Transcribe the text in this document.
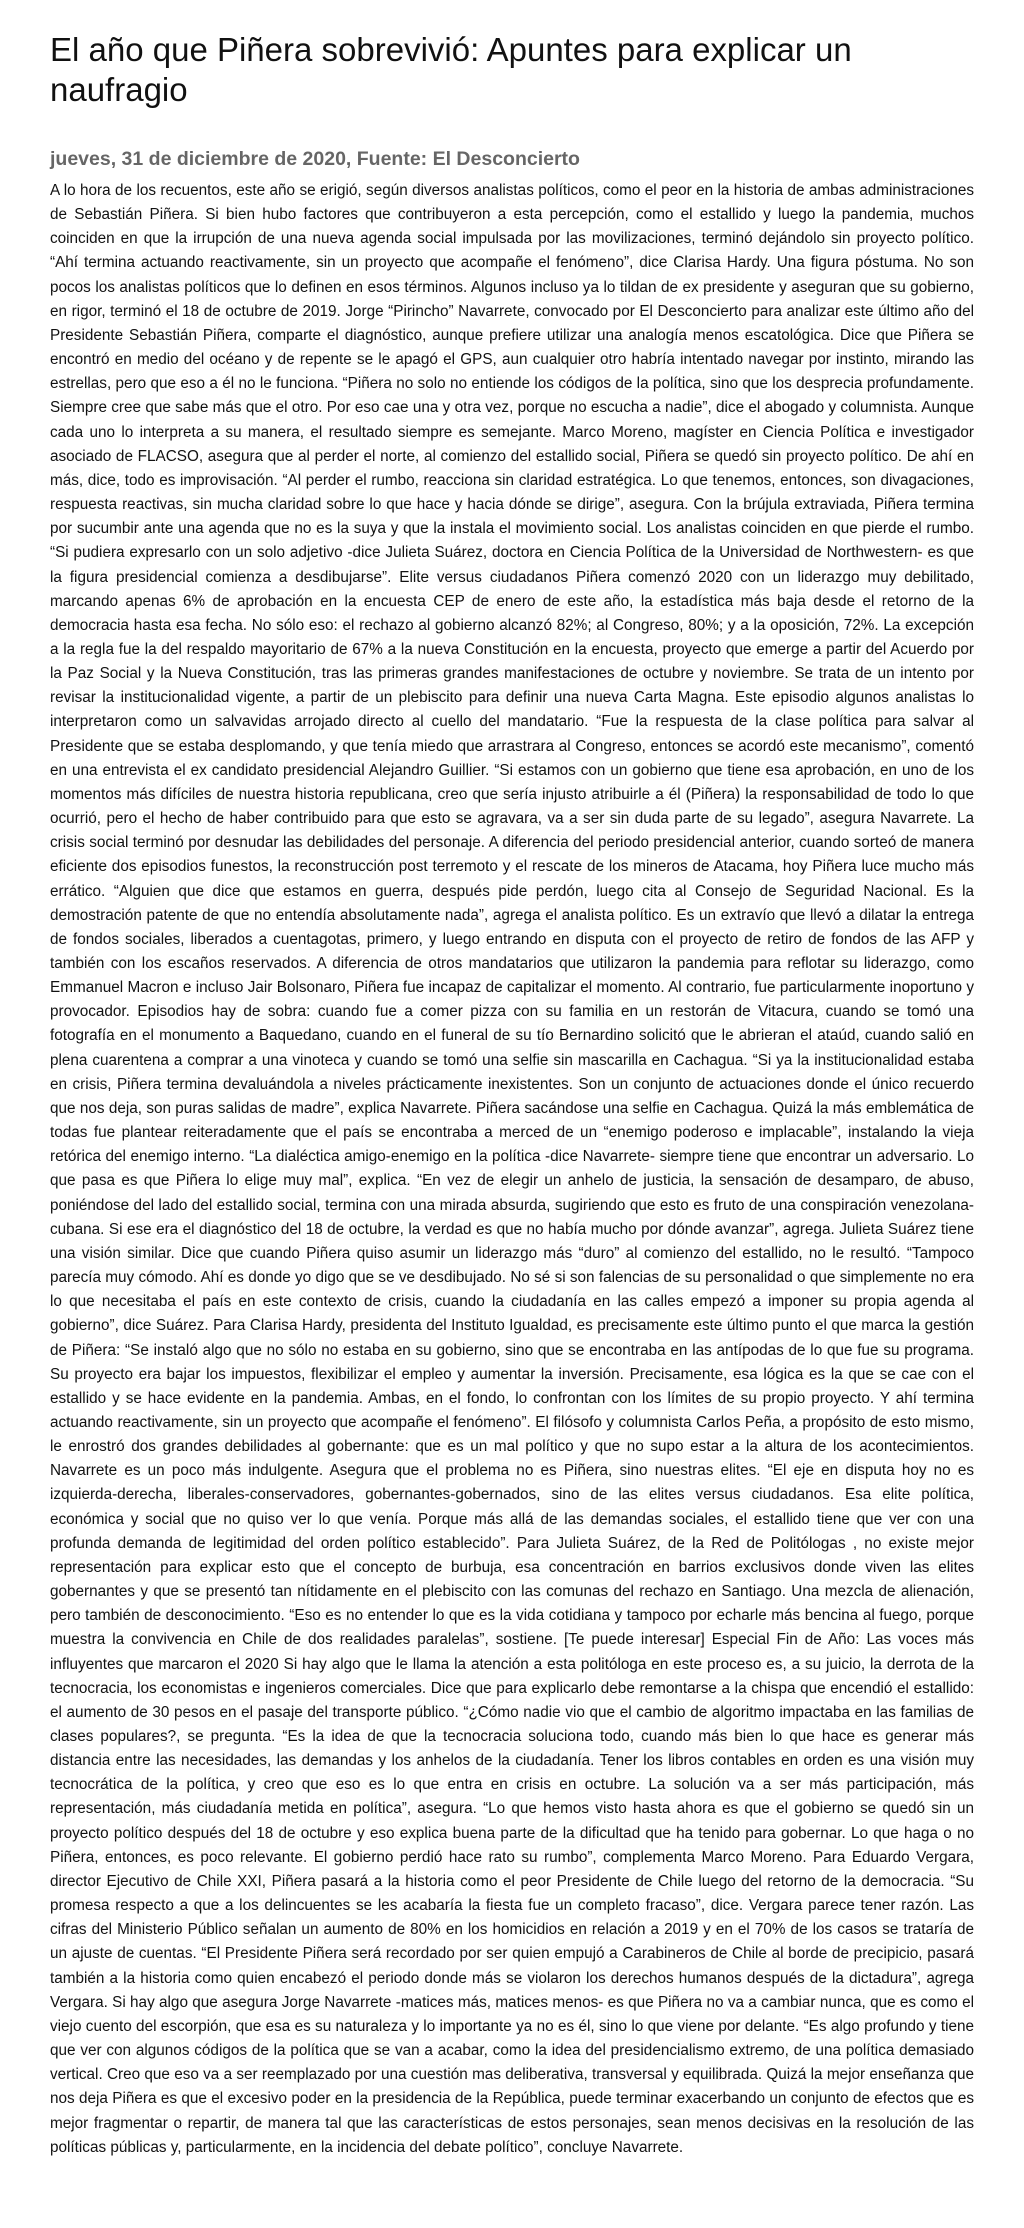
El año que Piñera sobrevivió: Apuntes para explicar un naufragio
jueves, 31 de diciembre de 2020, Fuente: El Desconcierto

A lo hora de los recuentos, este año se erigió, según diversos analistas políticos, como el peor en la historia de ambas administraciones de Sebastián Piñera. Si bien hubo factores que contribuyeron a esta percepción, como el estallido y luego la pandemia, muchos coinciden en que la irrupción de una nueva agenda social impulsada por las movilizaciones, terminó dejándolo sin proyecto político. “Ahí termina actuando reactivamente, sin un proyecto que acompañe el fenómeno”, dice Clarisa Hardy. Una figura póstuma. No son pocos los analistas políticos que lo definen en esos términos. Algunos incluso ya lo tildan de ex presidente y aseguran que su gobierno, en rigor, terminó el 18 de octubre de 2019. Jorge “Pirincho” Navarrete, convocado por El Desconcierto para analizar este último año del Presidente Sebastián Piñera, comparte el diagnóstico, aunque prefiere utilizar una analogía menos escatológica. Dice que Piñera se encontró en medio del océano y de repente se le apagó el GPS, aun cualquier otro habría intentado navegar por instinto, mirando las estrellas, pero que eso a él no le funciona. “Piñera no solo no entiende los códigos de la política, sino que los desprecia profundamente. Siempre cree que sabe más que el otro. Por eso cae una y otra vez, porque no escucha a nadie”, dice el abogado y columnista. Aunque cada uno lo interpreta a su manera, el resultado siempre es semejante. Marco Moreno, magíster en Ciencia Política e investigador asociado de FLACSO, asegura que al perder el norte, al comienzo del estallido social, Piñera se quedó sin proyecto político. De ahí en más, dice, todo es improvisación. “Al perder el rumbo, reacciona sin claridad estratégica. Lo que tenemos, entonces, son divagaciones, respuesta reactivas, sin mucha claridad sobre lo que hace y hacia dónde se dirige”, asegura. Con la brújula extraviada, Piñera termina por sucumbir ante una agenda que no es la suya y que la instala el movimiento social. Los analistas coinciden en que pierde el rumbo. “Si pudiera expresarlo con un solo adjetivo -dice Julieta Suárez, doctora en Ciencia Política de la Universidad de Northwestern- es que la figura presidencial comienza a desdibujarse”. Elite versus ciudadanos Piñera comenzó 2020 con un liderazgo muy debilitado, marcando apenas 6% de aprobación en la encuesta CEP de enero de este año, la estadística más baja desde el retorno de la democracia hasta esa fecha. No sólo eso: el rechazo al gobierno alcanzó 82%; al Congreso, 80%; y a la oposición, 72%. La excepción a la regla fue la del respaldo mayoritario de 67% a la nueva Constitución en la encuesta, proyecto que emerge a partir del Acuerdo por la Paz Social y la Nueva Constitución, tras las primeras grandes manifestaciones de octubre y noviembre. Se trata de un intento por revisar la institucionalidad vigente, a partir de un plebiscito para definir una nueva Carta Magna. Este episodio algunos analistas lo interpretaron como un salvavidas arrojado directo al cuello del mandatario. “Fue la respuesta de la clase política para salvar al Presidente que se estaba desplomando, y que tenía miedo que arrastrara al Congreso, entonces se acordó este mecanismo”, comentó en una entrevista el ex candidato presidencial Alejandro Guillier. “Si estamos con un gobierno que tiene esa aprobación, en uno de los momentos más difíciles de nuestra historia republicana, creo que sería injusto atribuirle a él (Piñera) la responsabilidad de todo lo que ocurrió, pero el hecho de haber contribuido para que esto se agravara, va a ser sin duda parte de su legado”, asegura Navarrete. La crisis social terminó por desnudar las debilidades del personaje. A diferencia del periodo presidencial anterior, cuando sorteó de manera eficiente dos episodios funestos, la reconstrucción post terremoto y el rescate de los mineros de Atacama, hoy Piñera luce mucho más errático. “Alguien que dice que estamos en guerra, después pide perdón, luego cita al Consejo de Seguridad Nacional. Es la demostración patente de que no entendía absolutamente nada”, agrega el analista político. Es un extravío que llevó a dilatar la entrega de fondos sociales, liberados a cuentagotas, primero, y luego entrando en disputa con el proyecto de retiro de fondos de las AFP y también con los escaños reservados. A diferencia de otros mandatarios que utilizaron la pandemia para reflotar su liderazgo, como Emmanuel Macron e incluso Jair Bolsonaro, Piñera fue incapaz de capitalizar el momento. Al contrario, fue particularmente inoportuno y provocador. Episodios hay de sobra: cuando fue a comer pizza con su familia en un restorán de Vitacura, cuando se tomó una fotografía en el monumento a Baquedano, cuando en el funeral de su tío Bernardino solicitó que le abrieran el ataúd, cuando salió en plena cuarentena a comprar a una vinoteca y cuando se tomó una selfie sin mascarilla en Cachagua. “Si ya la institucionalidad estaba en crisis, Piñera termina devaluándola a niveles prácticamente inexistentes. Son un conjunto de actuaciones donde el único recuerdo que nos deja, son puras salidas de madre”, explica Navarrete. Piñera sacándose una selfie en Cachagua. Quizá la más emblemática de todas fue plantear reiteradamente que el país se encontraba a merced de un “enemigo poderoso e implacable”, instalando la vieja retórica del enemigo interno. “La dialéctica amigo-enemigo en la política -dice Navarrete- siempre tiene que encontrar un adversario. Lo que pasa es que Piñera lo elige muy mal”, explica. “En vez de elegir un anhelo de justicia, la sensación de desamparo, de abuso, poniéndose del lado del estallido social, termina con una mirada absurda, sugiriendo que esto es fruto de una conspiración venezolana-cubana. Si ese era el diagnóstico del 18 de octubre, la verdad es que no había mucho por dónde avanzar”, agrega. Julieta Suárez tiene una visión similar. Dice que cuando Piñera quiso asumir un liderazgo más “duro” al comienzo del estallido, no le resultó. “Tampoco parecía muy cómodo. Ahí es donde yo digo que se ve desdibujado. No sé si son falencias de su personalidad o que simplemente no era lo que necesitaba el país en este contexto de crisis, cuando la ciudadanía en las calles empezó a imponer su propia agenda al gobierno”, dice Suárez. Para Clarisa Hardy, presidenta del Instituto Igualdad, es precisamente este último punto el que marca la gestión de Piñera: “Se instaló algo que no sólo no estaba en su gobierno, sino que se encontraba en las antípodas de lo que fue su programa. Su proyecto era bajar los impuestos, flexibilizar el empleo y aumentar la inversión. Precisamente, esa lógica es la que se cae con el estallido y se hace evidente en la pandemia. Ambas, en el fondo, lo confrontan con los límites de su propio proyecto. Y ahí termina actuando reactivamente, sin un proyecto que acompañe el fenómeno”. El filósofo y columnista Carlos Peña, a propósito de esto mismo, le enrostró dos grandes debilidades al gobernante: que es un mal político y que no supo estar a la altura de los acontecimientos. Navarrete es un poco más indulgente. Asegura que el problema no es Piñera, sino nuestras elites. “El eje en disputa hoy no es izquierda-derecha, liberales-conservadores, gobernantes-gobernados, sino de las elites versus ciudadanos. Esa elite política, económica y social que no quiso ver lo que venía. Porque más allá de las demandas sociales, el estallido tiene que ver con una profunda demanda de legitimidad del orden político establecido”. Para Julieta Suárez, de la Red de Politólogas , no existe mejor representación para explicar esto que el concepto de burbuja, esa concentración en barrios exclusivos donde viven las elites gobernantes y que se presentó tan nítidamente en el plebiscito con las comunas del rechazo en Santiago. Una mezcla de alienación, pero también de desconocimiento. “Eso es no entender lo que es la vida cotidiana y tampoco por echarle más bencina al fuego, porque muestra la convivencia en Chile de dos realidades paralelas”, sostiene. [Te puede interesar] Especial Fin de Año: Las voces más influyentes que marcaron el 2020 Si hay algo que le llama la atención a esta politóloga en este proceso es, a su juicio, la derrota de la tecnocracia, los economistas e ingenieros comerciales. Dice que para explicarlo debe remontarse a la chispa que encendió el estallido: el aumento de 30 pesos en el pasaje del transporte público. “¿Cómo nadie vio que el cambio de algoritmo impactaba en las familias de clases populares?, se pregunta. “Es la idea de que la tecnocracia soluciona todo, cuando más bien lo que hace es generar más distancia entre las necesidades, las demandas y los anhelos de la ciudadanía. Tener los libros contables en orden es una visión muy tecnocrática de la política, y creo que eso es lo que entra en crisis en octubre. La solución va a ser más participación, más representación, más ciudadanía metida en política”, asegura. “Lo que hemos visto hasta ahora es que el gobierno se quedó sin un proyecto político después del 18 de octubre y eso explica buena parte de la dificultad que ha tenido para gobernar. Lo que haga o no Piñera, entonces, es poco relevante. El gobierno perdió hace rato su rumbo”, complementa Marco Moreno. Para Eduardo Vergara, director Ejecutivo de Chile XXI, Piñera pasará a la historia como el peor Presidente de Chile luego del retorno de la democracia. “Su promesa respecto a que a los delincuentes se les acabaría la fiesta fue un completo fracaso”, dice. Vergara parece tener razón. Las cifras del Ministerio Público señalan un aumento de 80% en los homicidios en relación a 2019 y en el 70% de los casos se trataría de un ajuste de cuentas. “El Presidente Piñera será recordado por ser quien empujó a Carabineros de Chile al borde de precipicio, pasará también a la historia como quien encabezó el periodo donde más se violaron los derechos humanos después de la dictadura”, agrega Vergara. Si hay algo que asegura Jorge Navarrete -matices más, matices menos- es que Piñera no va a cambiar nunca, que es como el viejo cuento del escorpión, que esa es su naturaleza y lo importante ya no es él, sino lo que viene por delante. “Es algo profundo y tiene que ver con algunos códigos de la política que se van a acabar, como la idea del presidencialismo extremo, de una política demasiado vertical. Creo que eso va a ser reemplazado por una cuestión mas deliberativa, transversal y equilibrada. Quizá la mejor enseñanza que nos deja Piñera es que el excesivo poder en la presidencia de la República, puede terminar exacerbando un conjunto de efectos que es mejor fragmentar o repartir, de manera tal que las características de estos personajes, sean menos decisivas en la resolución de las políticas públicas y, particularmente, en la incidencia del debate político”, concluye Navarrete.
